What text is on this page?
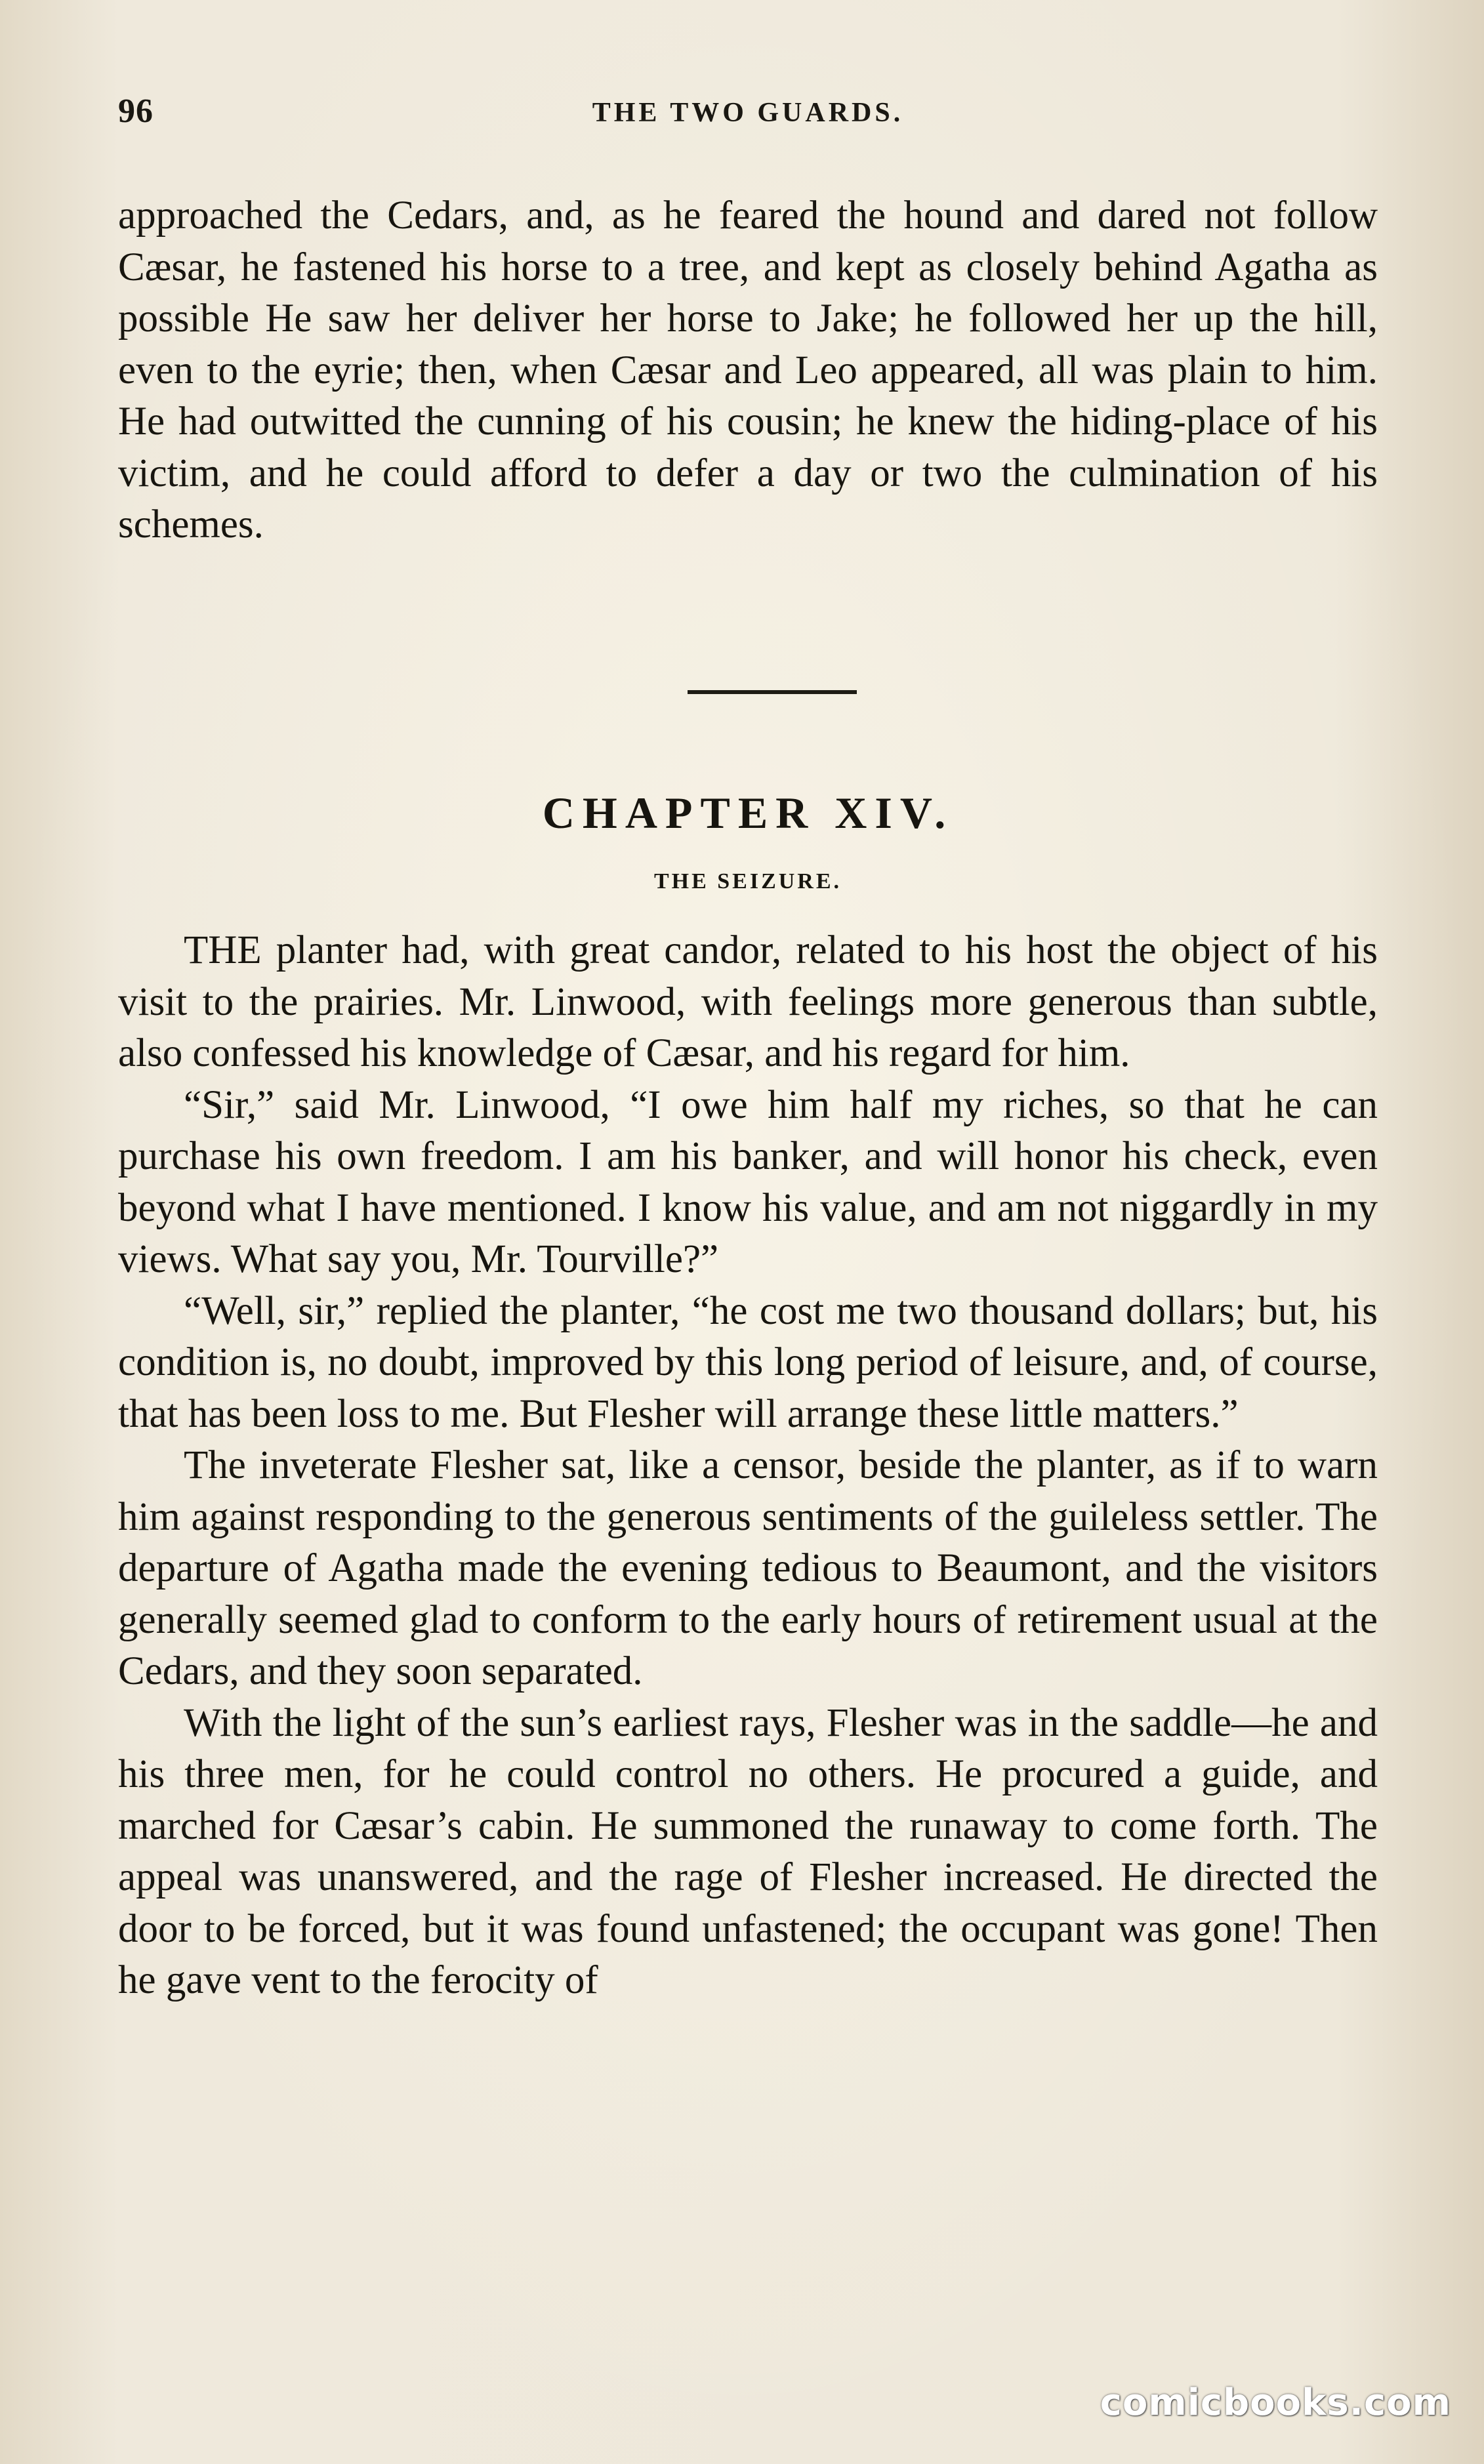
96	THE TWO GUARDS.

approached the Cedars, and, as he feared the hound and dared not follow Cæsar, he fastened his horse to a tree, and kept as closely behind Agatha as possible He saw her deliver her horse to Jake; he followed her up the hill, even to the eyrie; then, when Cæsar and Leo appeared, all was plain to him. He had outwitted the cunning of his cousin; he knew the hiding-place of his victim, and he could afford to defer a day or two the culmination of his schemes.

CHAPTER XIV.
THE SEIZURE.

THE planter had, with great candor, related to his host the object of his visit to the prairies. Mr. Linwood, with feelings more generous than subtle, also confessed his knowledge of Cæsar, and his regard for him.

“Sir,” said Mr. Linwood, “I owe him half my riches, so that he can purchase his own freedom. I am his banker, and will honor his check, even beyond what I have mentioned. I know his value, and am not niggardly in my views. What say you, Mr. Tourville?”

“Well, sir,” replied the planter, “he cost me two thousand dollars; but, his condition is, no doubt, improved by this long period of leisure, and, of course, that has been loss to me. But Flesher will arrange these little matters.”

The inveterate Flesher sat, like a censor, beside the planter, as if to warn him against responding to the generous sentiments of the guileless settler. The departure of Agatha made the evening tedious to Beaumont, and the visitors generally seemed glad to conform to the early hours of retirement usual at the Cedars, and they soon separated.

With the light of the sun’s earliest rays, Flesher was in the saddle—he and his three men, for he could control no others. He procured a guide, and marched for Cæsar’s cabin. He summoned the runaway to come forth. The appeal was unanswered, and the rage of Flesher increased. He directed the door to be forced, but it was found unfastened; the occupant was gone! Then he gave vent to the ferocity of

comicbooks.com
